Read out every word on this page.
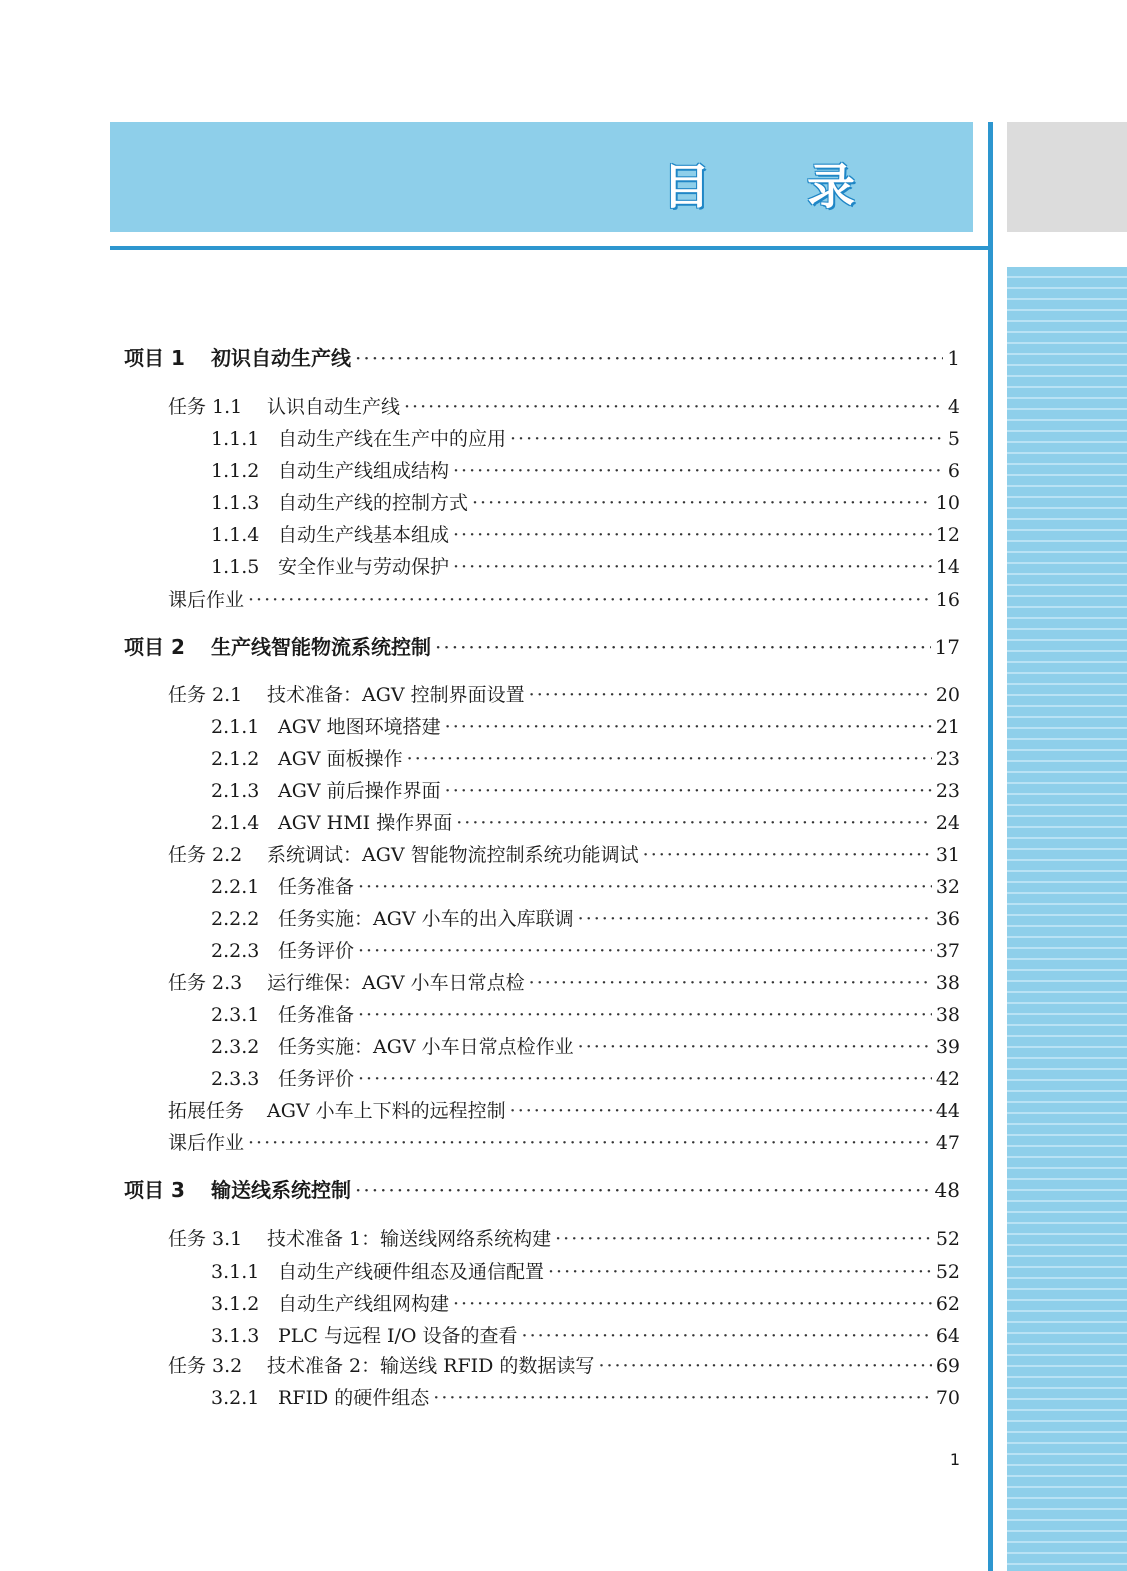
目 录
项目 1	初识自动生产线 ·····	1
任务 1.1	认识自动生产线 ·····	4
1.1.1 自动生产线在生产中的应用 ·····	5
1.1.2 自动生产线组成结构 ·····	6
1.1.3 自动生产线的控制方式 ·····	10
1.1.4 自动生产线基本组成 ·····	12
1.1.5 安全作业与劳动保护 ·····	14
课后作业 ·····	16
项目 2	生产线智能物流系统控制 ·····	17
任务 2.1	技术准备：AGV 控制界面设置 ·····	20
2.1.1 AGV 地图环境搭建 ·····	21
2.1.2 AGV 面板操作 ·····	23
2.1.3 AGV 前后操作界面 ·····	23
2.1.4 AGV HMI 操作界面 ·····	24
任务 2.2	系统调试：AGV 智能物流控制系统功能调试 ·····	31
2.2.1 任务准备 ·····	32
2.2.2 任务实施：AGV 小车的出入库联调 ·····	36
2.2.3 任务评价 ·····	37
任务 2.3	运行维保：AGV 小车日常点检 ·····	38
2.3.1 任务准备 ·····	38
2.3.2 任务实施：AGV 小车日常点检作业 ·····	39
2.3.3 任务评价 ·····	42
拓展任务	AGV 小车上下料的远程控制 ·····	44
课后作业 ·····	47
项目 3	输送线系统控制 ·····	48
任务 3.1	技术准备 1：输送线网络系统构建 ·····	52
3.1.1 自动生产线硬件组态及通信配置 ·····	52
3.1.2 自动生产线组网构建 ·····	62
3.1.3 PLC 与远程 I/O 设备的查看 ·····	64
任务 3.2	技术准备 2：输送线 RFID 的数据读写 ·····	69
3.2.1 RFID 的硬件组态 ·····	70
1
